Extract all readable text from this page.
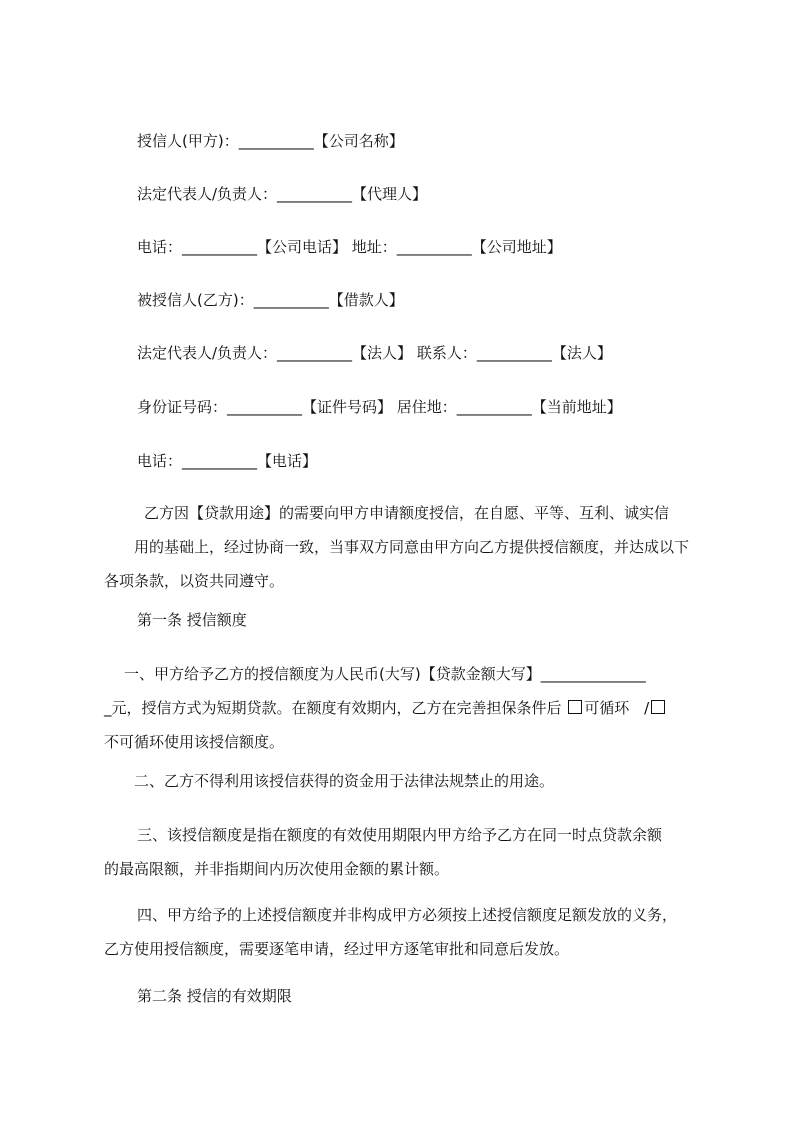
授信人(甲方)：__________【公司名称】
法定代表人/负责人：__________【代理人】
电话：__________【公司电话】 地址：__________【公司地址】
被授信人(乙方)：__________【借款人】
法定代表人/负责人：__________【法人】 联系人：__________【法人】
身份证号码：__________【证件号码】 居住地：__________【当前地址】
电话：__________【电话】

乙方因【贷款用途】的需要向甲方申请额度授信，在自愿、平等、互利、诚实信

用的基础上，经过协商一致，当事双方同意由甲方向乙方提供授信额度，并达成以下

各项条款，以资共同遵守。

第一条 授信额度

一、甲方给予乙方的授信额度为人民币(大写)【贷款金额大写】______________

_元，授信方式为短期贷款。在额度有效期内，乙方在完善担保条件后 可循环 /

不可循环使用该授信额度。

二、乙方不得利用该授信获得的资金用于法律法规禁止的用途。

三、该授信额度是指在额度的有效使用期限内甲方给予乙方在同一时点贷款余额

的最高限额，并非指期间内历次使用金额的累计额。

四、甲方给予的上述授信额度并非构成甲方必须按上述授信额度足额发放的义务，

乙方使用授信额度，需要逐笔申请，经过甲方逐笔审批和同意后发放。

第二条 授信的有效期限
